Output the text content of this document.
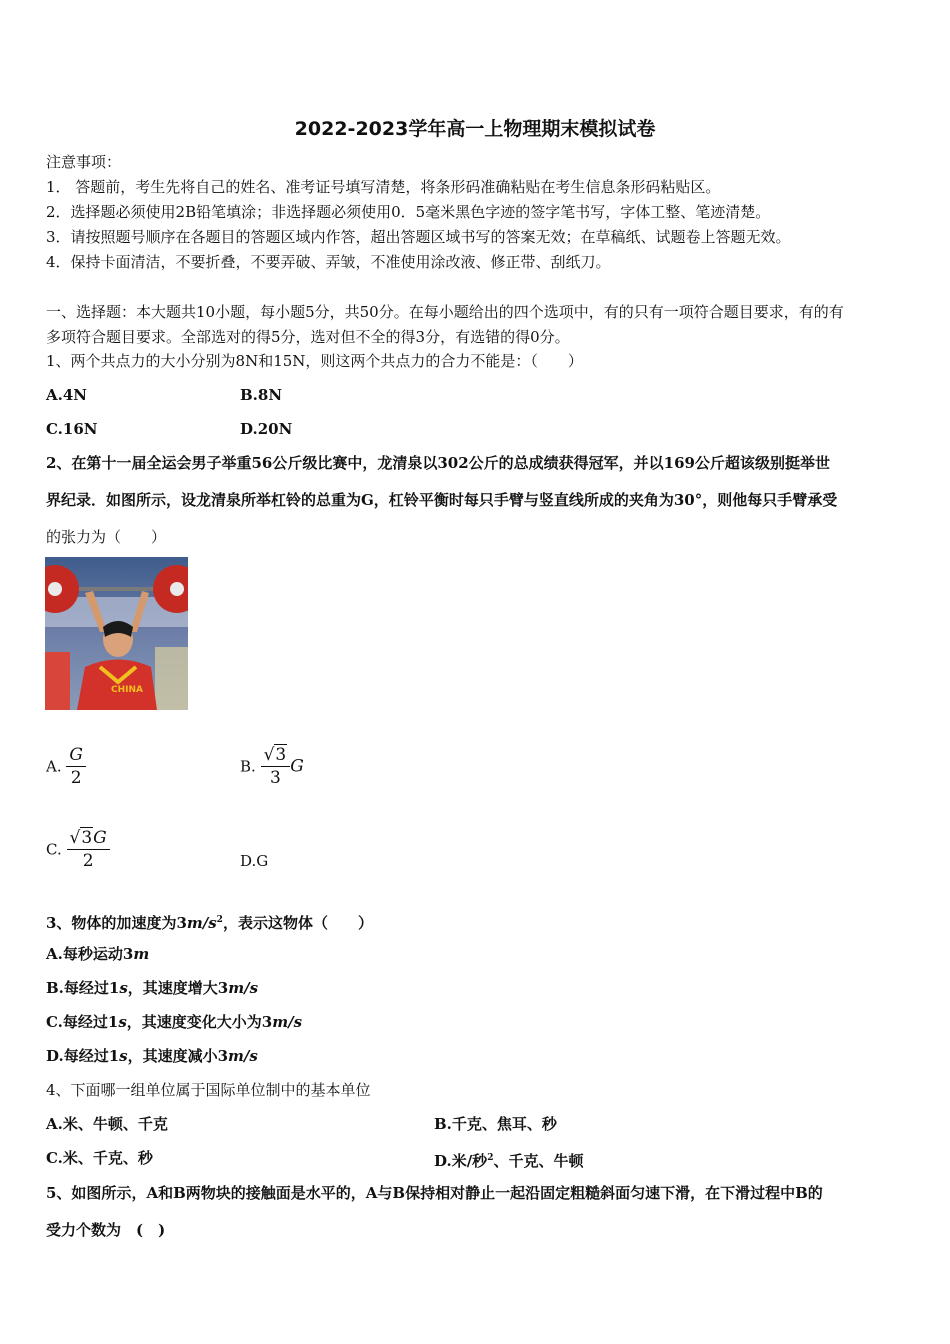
2022-2023学年高一上物理期末模拟试卷
注意事项：
1． 答题前，考生先将自己的姓名、准考证号填写清楚，将条形码准确粘贴在考生信息条形码粘贴区。
2．选择题必须使用2B铅笔填涂；非选择题必须使用0．5毫米黑色字迹的签字笔书写，字体工整、笔迹清楚。
3．请按照题号顺序在各题目的答题区域内作答，超出答题区域书写的答案无效；在草稿纸、试题卷上答题无效。
4．保持卡面清洁，不要折叠，不要弄破、弄皱，不准使用涂改液、修正带、刮纸刀。
一、选择题：本大题共10小题，每小题5分，共50分。在每小题给出的四个选项中，有的只有一项符合题目要求，有的有
多项符合题目要求。全部选对的得5分，选对但不全的得3分，有选错的得0分。
1、两个共点力的大小分别为8N和15N，则这两个共点力的合力不能是：（　　）
A.4N	B.8N
C.16N	D.20N
2、在第十一届全运会男子举重56公斤级比赛中，龙清泉以302公斤的总成绩获得冠军，并以169公斤超该级别挺举世
界纪录．如图所示，设龙清泉所举杠铃的总重为G，杠铃平衡时每只手臂与竖直线所成的夹角为30°，则他每只手臂承受
的张力为（　　）
CHINA
A. $\frac{G}{2}$	B. $\frac{√3}{3}$ G
C. $\frac{√3G}{2}$	D.G
3、物体的加速度为$3m/s^2$，表示这物体（　　）
A.每秒运动3m
B.每经过1s，其速度增大3m/s
C.每经过1s，其速度变化大小为3m/s
D.每经过1s，其速度减小3m/s
4、下面哪一组单位属于国际单位制中的基本单位
A.米、牛顿、千克	B.千克、焦耳、秒
C.米、千克、秒	D.米/秒$^2$、千克、牛顿
5、如图所示，A和B两物块的接触面是水平的，A与B保持相对静止一起沿固定粗糙斜面匀速下滑，在下滑过程中B的
受力个数为　(　)
